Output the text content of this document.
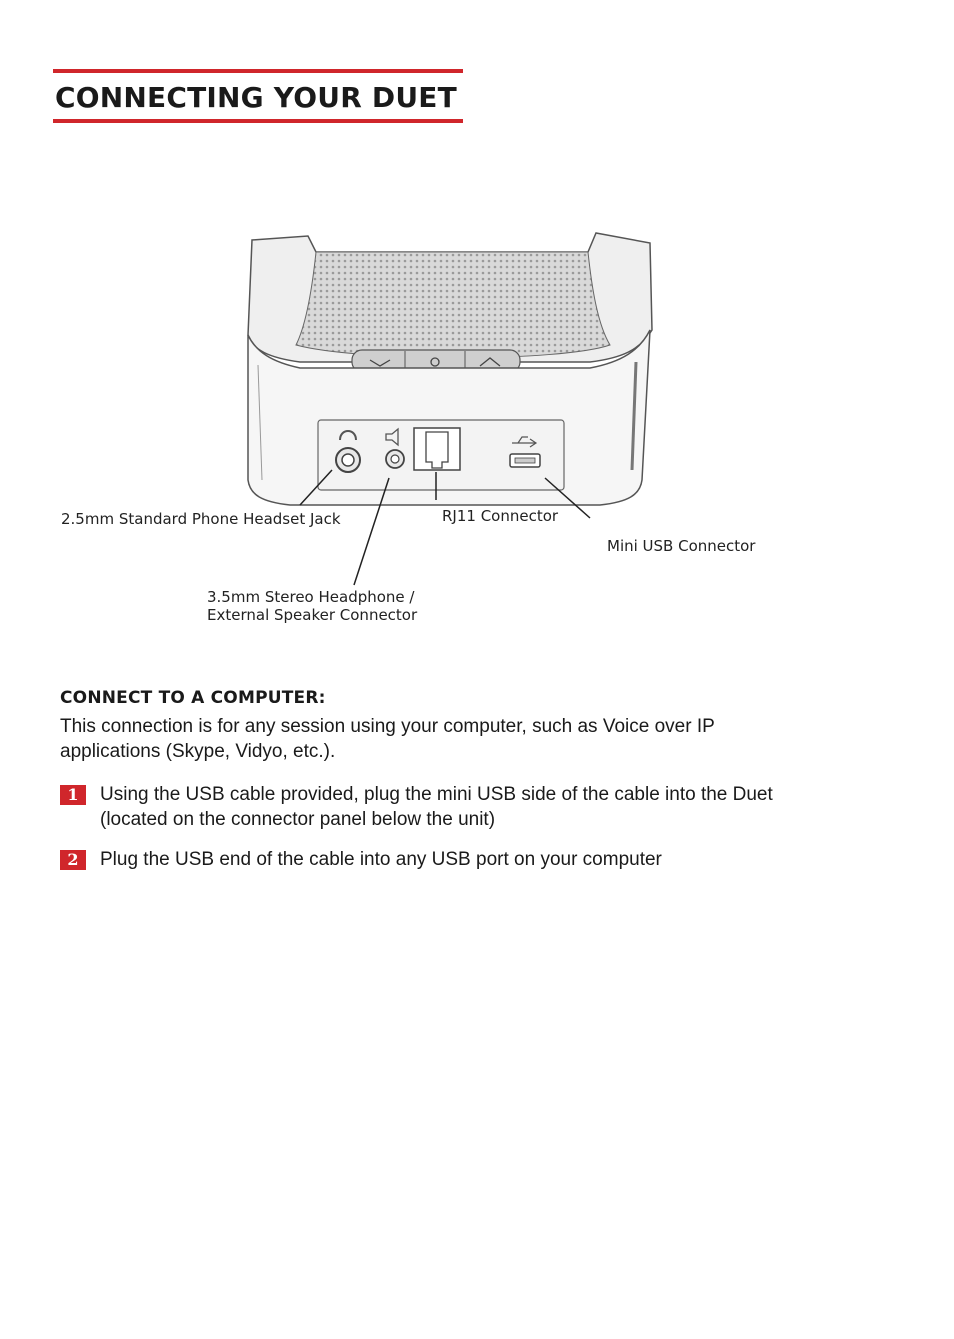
CONNECTING YOUR DUET
2.5mm Standard Phone Headset Jack	RJ11 Connector
Mini USB Connector
3.5mm Stereo Headphone /
External Speaker Connector
CONNECT TO A COMPUTER:

This connection is for any session using your computer, such as Voice over IP applications (Skype, Vidyo, etc.).

1	Using the USB cable provided, plug the mini USB side of the cable into the Duet (located on the connector panel below the unit)

2	Plug the USB end of the cable into any USB port on your computer
